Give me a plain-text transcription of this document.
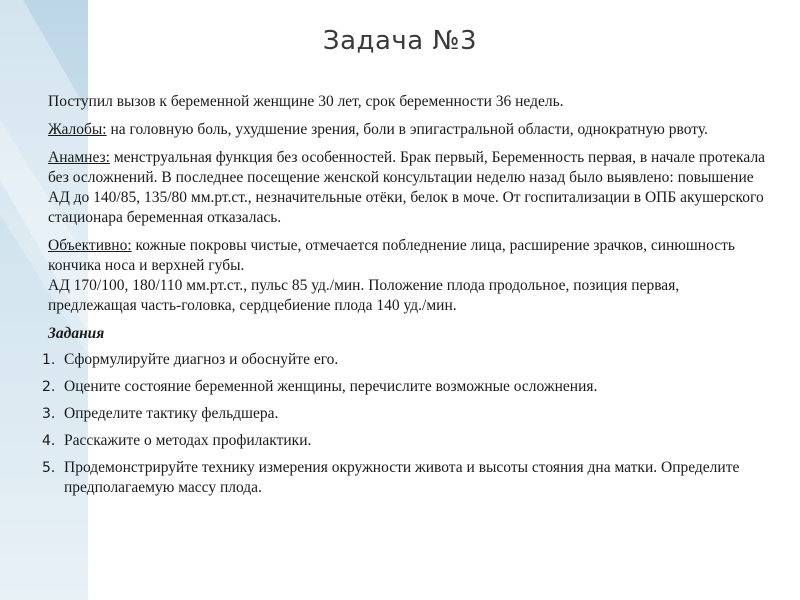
Задача №3

Поступил вызов к беременной женщине 30 лет, срок беременности 36 недель.

Жалобы: на головную боль, ухудшение зрения, боли в эпигастральной области, однократную рвоту.

Анамнез: менструальная функция без особенностей. Брак первый, Беременность первая, в начале протекала без осложнений. В последнее посещение женской консультации неделю назад было выявлено: повышение АД до 140/85, 135/80 мм.рт.ст., незначительные отёки, белок в моче. От госпитализации в ОПБ акушерского стационара беременная отказалась.

Объективно: кожные покровы чистые, отмечается побледнение лица, расширение зрачков, синюшность кончика носа и верхней губы.
АД 170/100, 180/110 мм.рт.ст., пульс 85 уд./мин. Положение плода продольное, позиция первая, предлежащая часть-головка, сердцебиение плода 140 уд./мин.

Задания
1. Сформулируйте диагноз и обоснуйте его.
2. Оцените состояние беременной женщины, перечислите возможные осложнения.
3. Определите тактику фельдшера.
4. Расскажите о методах профилактики.
5. Продемонстрируйте технику измерения окружности живота и высоты стояния дна матки. Определите предполагаемую массу плода.
